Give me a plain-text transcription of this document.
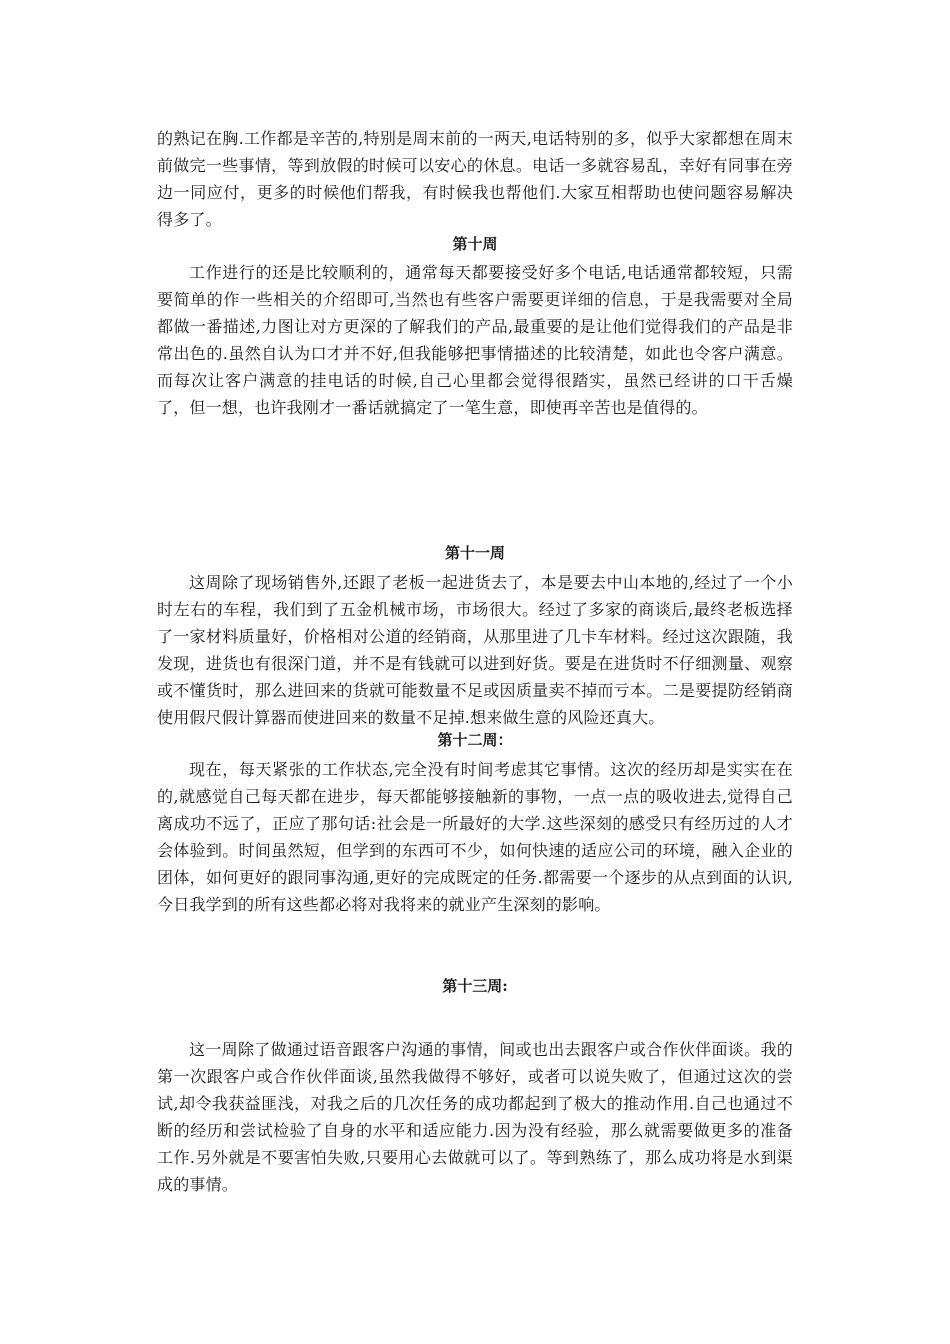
的熟记在胸.工作都是辛苦的,特别是周末前的一两天,电话特别的多，似乎大家都想在周末前做完一些事情，等到放假的时候可以安心的休息。电话一多就容易乱，幸好有同事在旁边一同应付，更多的时候他们帮我，有时候我也帮他们.大家互相帮助也使问题容易解决得多了。

第十周

工作进行的还是比较顺利的，通常每天都要接受好多个电话,电话通常都较短，只需要简单的作一些相关的介绍即可,当然也有些客户需要更详细的信息，于是我需要对全局都做一番描述,力图让对方更深的了解我们的产品,最重要的是让他们觉得我们的产品是非常出色的.虽然自认为口才并不好,但我能够把事情描述的比较清楚，如此也令客户满意。而每次让客户满意的挂电话的时候,自己心里都会觉得很踏实，虽然已经讲的口干舌燥了，但一想，也许我刚才一番话就搞定了一笔生意，即使再辛苦也是值得的。

第十一周

这周除了现场销售外,还跟了老板一起进货去了，本是要去中山本地的,经过了一个小时左右的车程，我们到了五金机械市场，市场很大。经过了多家的商谈后,最终老板选择了一家材料质量好，价格相对公道的经销商，从那里进了几卡车材料。经过这次跟随，我发现，进货也有很深门道，并不是有钱就可以进到好货。要是在进货时不仔细测量、观察或不懂货时，那么进回来的货就可能数量不足或因质量卖不掉而亏本。二是要提防经销商使用假尺假计算器而使进回来的数量不足掉.想来做生意的风险还真大。

第十二周：

现在，每天紧张的工作状态,完全没有时间考虑其它事情。这次的经历却是实实在在的,就感觉自己每天都在进步，每天都能够接触新的事物，一点一点的吸收进去,觉得自己离成功不远了，正应了那句话:社会是一所最好的大学.这些深刻的感受只有经历过的人才会体验到。时间虽然短，但学到的东西可不少，如何快速的适应公司的环境，融入企业的团体，如何更好的跟同事沟通,更好的完成既定的任务.都需要一个逐步的从点到面的认识,今日我学到的所有这些都必将对我将来的就业产生深刻的影响。

第十三周:

这一周除了做通过语音跟客户沟通的事情，间或也出去跟客户或合作伙伴面谈。我的第一次跟客户或合作伙伴面谈,虽然我做得不够好，或者可以说失败了，但通过这次的尝试,却令我获益匪浅，对我之后的几次任务的成功都起到了极大的推动作用.自己也通过不断的经历和尝试检验了自身的水平和适应能力.因为没有经验，那么就需要做更多的准备工作.另外就是不要害怕失败,只要用心去做就可以了。等到熟练了，那么成功将是水到渠成的事情。
